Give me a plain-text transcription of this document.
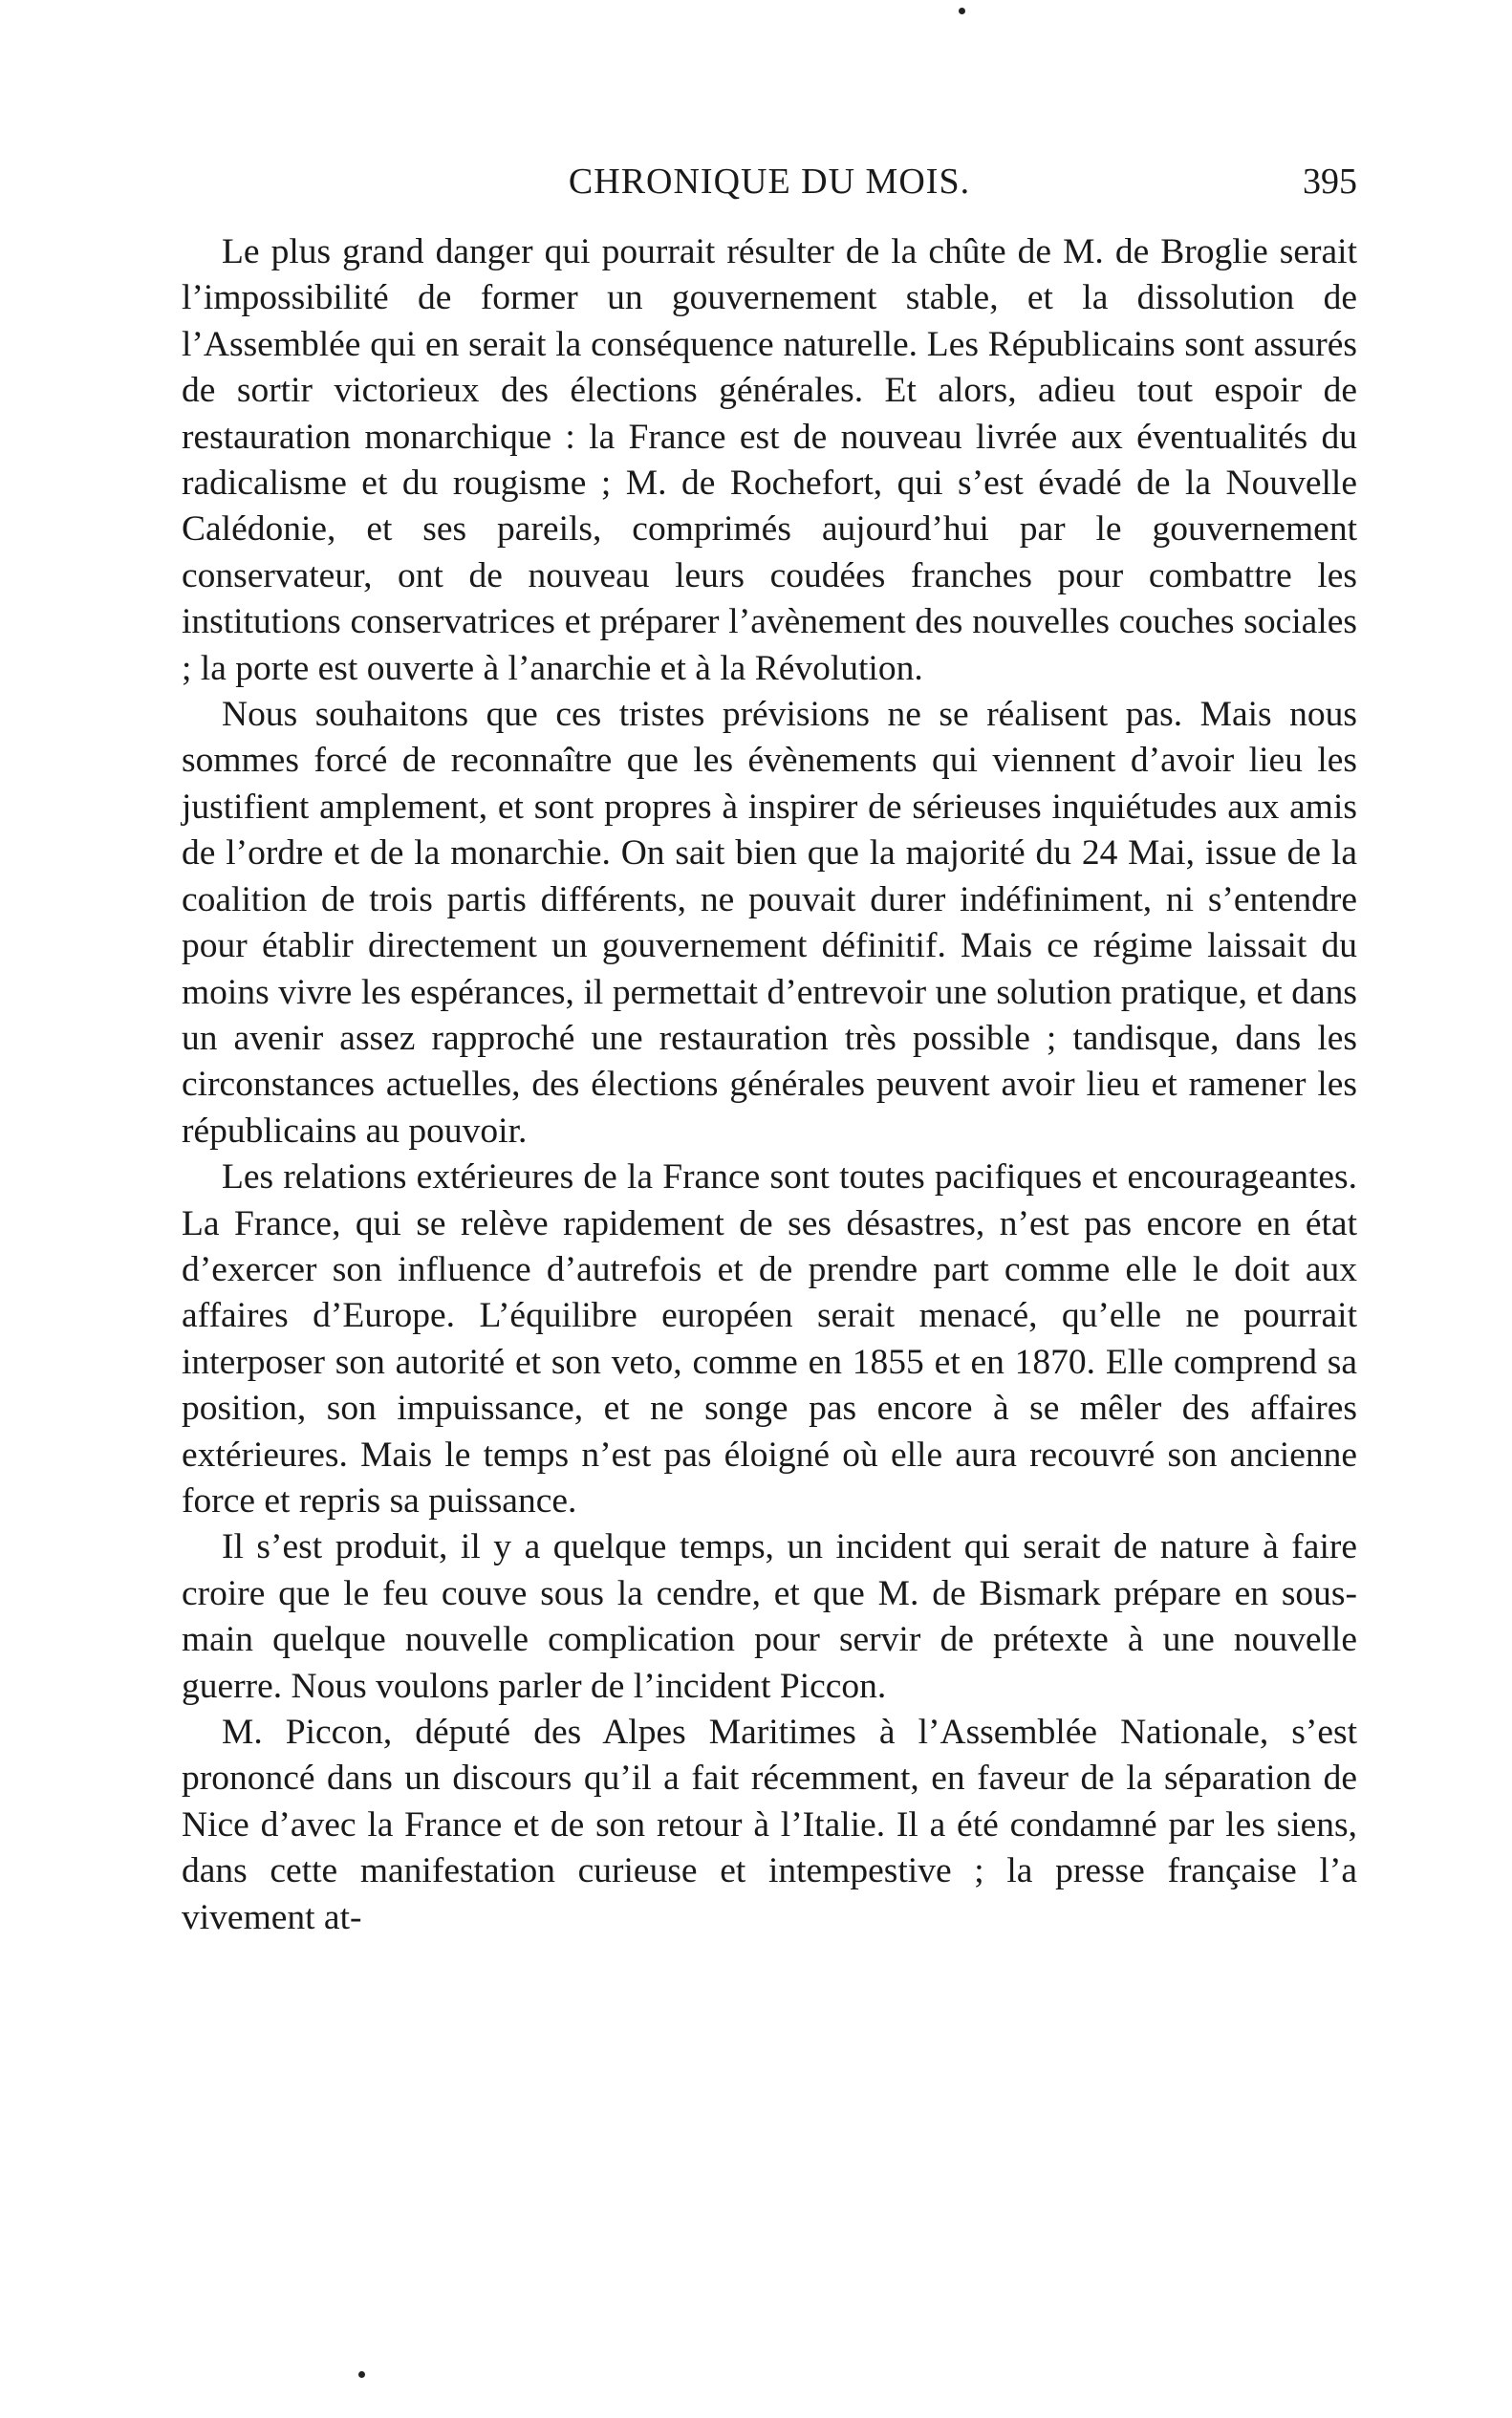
CHRONIQUE DU MOIS.	395

Le plus grand danger qui pourrait résulter de la chûte de M. de Broglie serait l’impossibilité de former un gouvernement stable, et la dissolution de l’Assemblée qui en serait la conséquence naturelle. Les Républicains sont assurés de sortir victorieux des élections générales. Et alors, adieu tout espoir de restauration monarchique : la France est de nouveau livrée aux éventualités du radicalisme et du rougisme ; M. de Rochefort, qui s’est évadé de la Nouvelle Calédonie, et ses pareils, comprimés aujourd’hui par le gouvernement conservateur, ont de nouveau leurs coudées franches pour combattre les institutions conservatrices et préparer l’avènement des nouvelles couches sociales ; la porte est ouverte à l’anarchie et à la Révolution.

Nous souhaitons que ces tristes prévisions ne se réalisent pas. Mais nous sommes forcé de reconnaître que les évènements qui viennent d’avoir lieu les justifient amplement, et sont propres à inspirer de sérieuses inquiétudes aux amis de l’ordre et de la monarchie. On sait bien que la majorité du 24 Mai, issue de la coalition de trois partis différents, ne pouvait durer indéfiniment, ni s’entendre pour établir directement un gouvernement définitif. Mais ce régime laissait du moins vivre les espérances, il permettait d’entrevoir une solution pratique, et dans un avenir assez rapproché une restauration très possible ; tandisque, dans les circonstances actuelles, des élections générales peuvent avoir lieu et ramener les républicains au pouvoir.

Les relations extérieures de la France sont toutes pacifiques et encourageantes. La France, qui se relève rapidement de ses désastres, n’est pas encore en état d’exercer son influence d’autrefois et de prendre part comme elle le doit aux affaires d’Europe. L’équilibre européen serait menacé, qu’elle ne pourrait interposer son autorité et son veto, comme en 1855 et en 1870. Elle comprend sa position, son impuissance, et ne songe pas encore à se mêler des affaires extérieures. Mais le temps n’est pas éloigné où elle aura recouvré son ancienne force et repris sa puissance.

Il s’est produit, il y a quelque temps, un incident qui serait de nature à faire croire que le feu couve sous la cendre, et que M. de Bismark prépare en sous-main quelque nouvelle complication pour servir de prétexte à une nouvelle guerre. Nous voulons parler de l’incident Piccon.

M. Piccon, député des Alpes Maritimes à l’Assemblée Nationale, s’est prononcé dans un discours qu’il a fait récemment, en faveur de la séparation de Nice d’avec la France et de son retour à l’Italie. Il a été condamné par les siens, dans cette manifestation curieuse et intempestive ; la presse française l’a vivement at-
